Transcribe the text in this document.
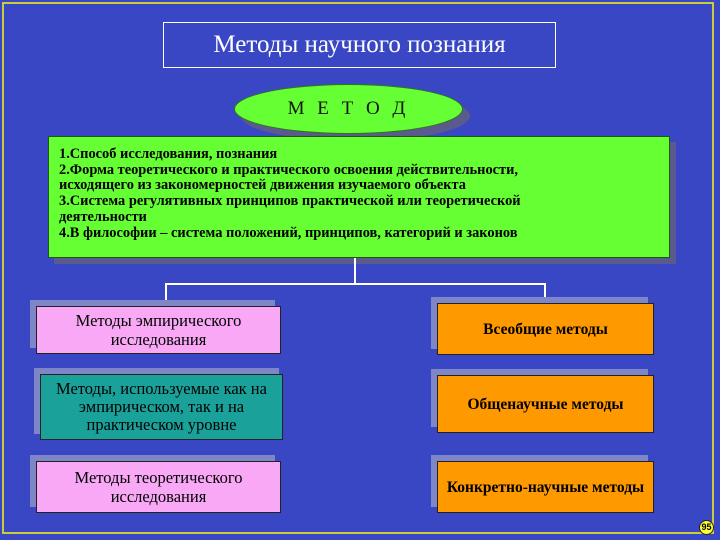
Методы научного познания
М Е Т О Д
1.Способ исследования, познания
2.Форма теоретического и практического освоения действительности,
исходящего из закономерностей движения изучаемого объекта
3.Система регулятивных принципов практической или теоретической
деятельности
4.В философии – система положений, принципов, категорий и законов
Методы эмпирического исследования
Методы, используемые как на эмпирическом, так и на практическом уровне
Методы теоретического исследования
Всеобщие методы
Общенаучные методы
Конкретно-научные методы
95
